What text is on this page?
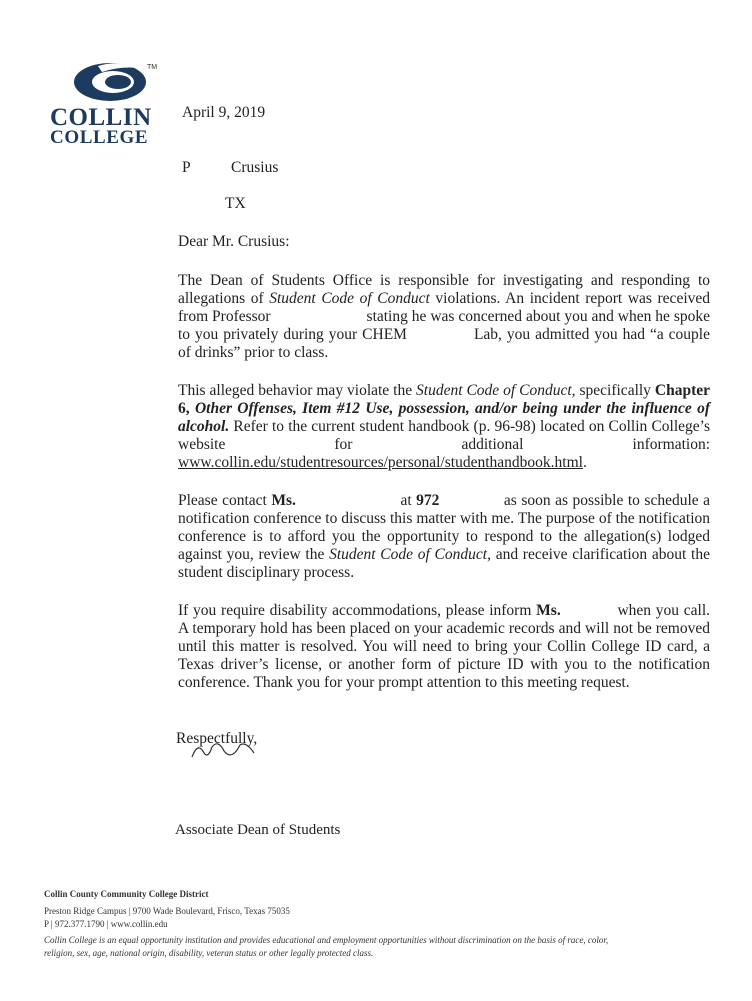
TM
COLLIN
COLLEGE
April 9, 2019
P	Crusius
TX
Dear Mr. Crusius:
The Dean of Students Office is responsible for investigating and responding to allegations of Student Code of Conduct violations. An incident report was received from Professor	stating he was concerned about you and when he spoke to you privately during your CHEM	Lab, you admitted you had “a couple of drinks” prior to class.
This alleged behavior may violate the Student Code of Conduct, specifically Chapter 6, Other Offenses, Item #12 Use, possession, and/or being under the influence of alcohol. Refer to the current student handbook (p. 96-98) located on Collin College’s website for additional information: www.collin.edu/studentresources/personal/studenthandbook.html.
Please contact Ms.	at 972	as soon as possible to schedule a notification conference to discuss this matter with me. The purpose of the notification conference is to afford you the opportunity to respond to the allegation(s) lodged against you, review the Student Code of Conduct, and receive clarification about the student disciplinary process.
If you require disability accommodations, please inform Ms.	when you call. A temporary hold has been placed on your academic records and will not be removed until this matter is resolved. You will need to bring your Collin College ID card, a Texas driver’s license, or another form of picture ID with you to the notification conference. Thank you for your prompt attention to this meeting request.
Respectfully,
Associate Dean of Students
Collin County Community College District
Preston Ridge Campus | 9700 Wade Boulevard, Frisco, Texas 75035
P | 972.377.1790 | www.collin.edu
Collin College is an equal opportunity institution and provides educational and employment opportunities without discrimination on the basis of race, color,
religion, sex, age, national origin, disability, veteran status or other legally protected class.
